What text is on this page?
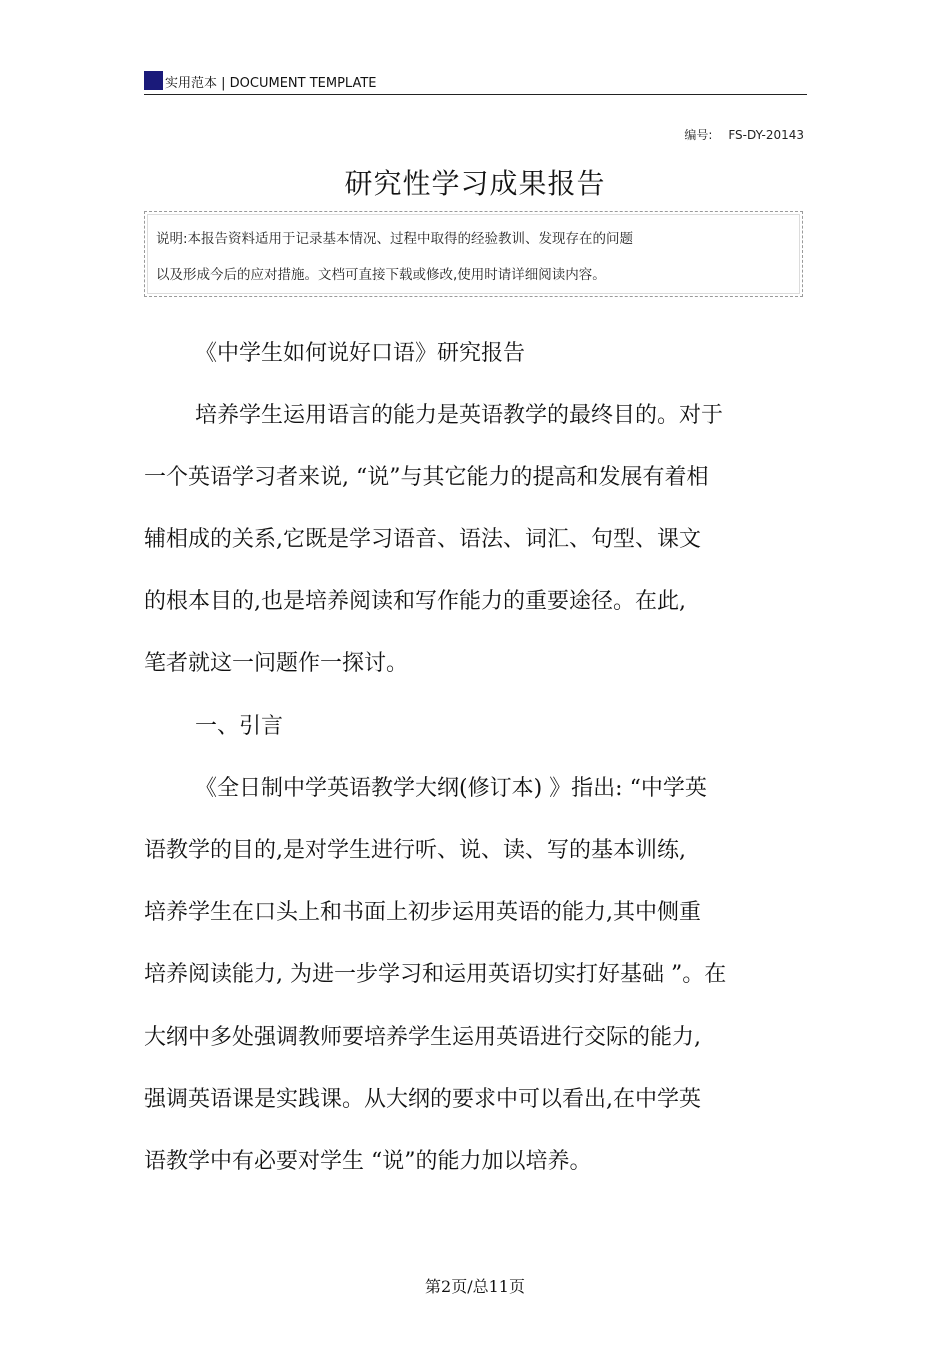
实用范本 | DOCUMENT TEMPLATE
编号: FS-DY-20143
研究性学习成果报告
说明:本报告资料适用于记录基本情况、过程中取得的经验教训、发现存在的问题
以及形成今后的应对措施。文档可直接下载或修改,使用时请详细阅读内容。
《中学生如何说好口语》研究报告
培养学生运用语言的能力是英语教学的最终目的。对于
一个英语学习者来说, “说”与其它能力的提高和发展有着相
辅相成的关系,它既是学习语音、语法、词汇、句型、课文
的根本目的,也是培养阅读和写作能力的重要途径。在此,
笔者就这一问题作一探讨。
一、引言
《全日制中学英语教学大纲(修订本) 》指出: “中学英
语教学的目的,是对学生进行听、说、读、写的基本训练,
培养学生在口头上和书面上初步运用英语的能力,其中侧重
培养阅读能力, 为进一步学习和运用英语切实打好基础 ”。在
大纲中多处强调教师要培养学生运用英语进行交际的能力,
强调英语课是实践课。从大纲的要求中可以看出,在中学英
语教学中有必要对学生 “说”的能力加以培养。
第2页/总11页
